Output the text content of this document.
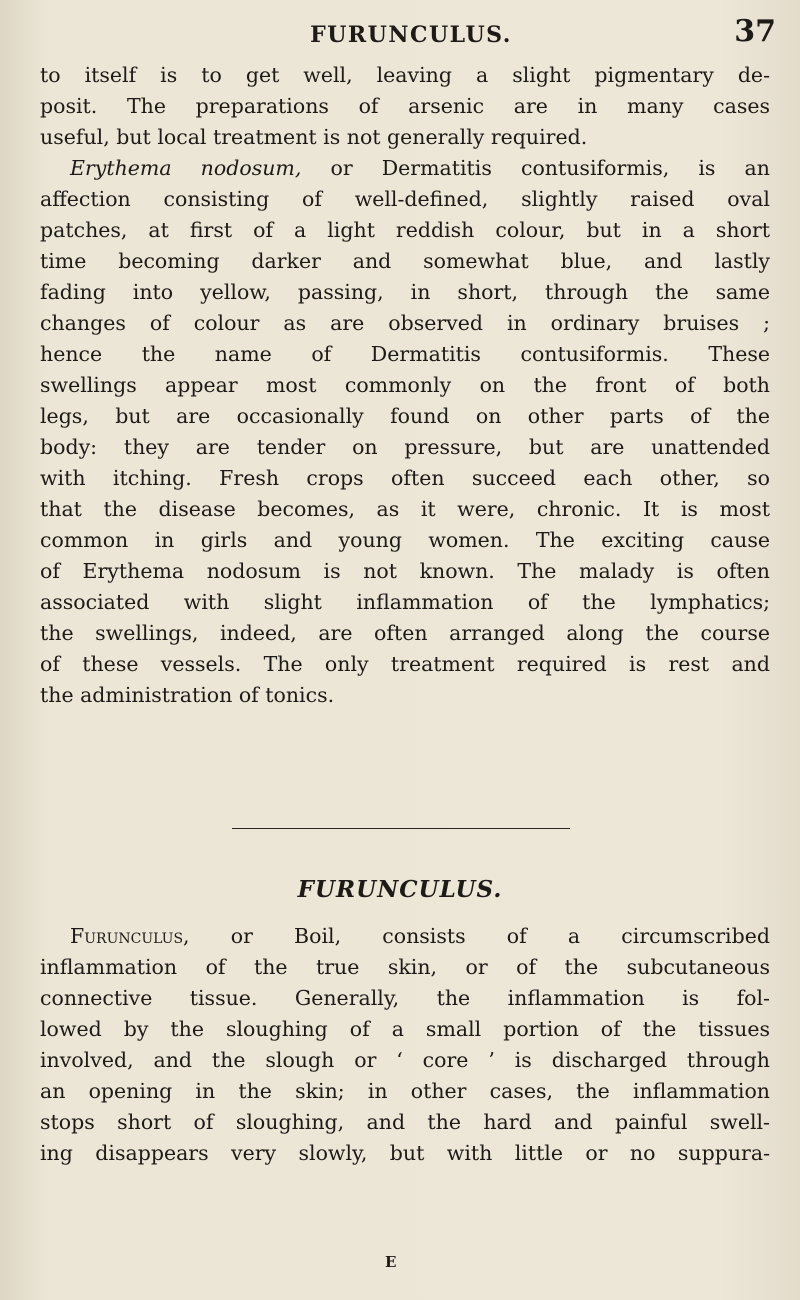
FURUNCULUS.	37
to itself is to get well, leaving a slight pigmentary de-
posit. The preparations of arsenic are in many cases
useful, but local treatment is not generally required.
Erythema nodosum, or Dermatitis contusiformis, is an
affection consisting of well-defined, slightly raised oval
patches, at first of a light reddish colour, but in a short
time becoming darker and somewhat blue, and lastly
fading into yellow, passing, in short, through the same
changes of colour as are observed in ordinary bruises ;
hence the name of Dermatitis contusiformis. These
swellings appear most commonly on the front of both
legs, but are occasionally found on other parts of the
body: they are tender on pressure, but are unattended
with itching. Fresh crops often succeed each other, so
that the disease becomes, as it were, chronic. It is most
common in girls and young women. The exciting cause
of Erythema nodosum is not known. The malady is often
associated with slight inflammation of the lymphatics;
the swellings, indeed, are often arranged along the course
of these vessels. The only treatment required is rest and
the administration of tonics.
FURUNCULUS.
Furunculus, or Boil, consists of a circumscribed
inflammation of the true skin, or of the subcutaneous
connective tissue. Generally, the inflammation is fol-
lowed by the sloughing of a small portion of the tissues
involved, and the slough or ‘ core ’ is discharged through
an opening in the skin; in other cases, the inflammation
stops short of sloughing, and the hard and painful swell-
ing disappears very slowly, but with little or no suppura-
E
